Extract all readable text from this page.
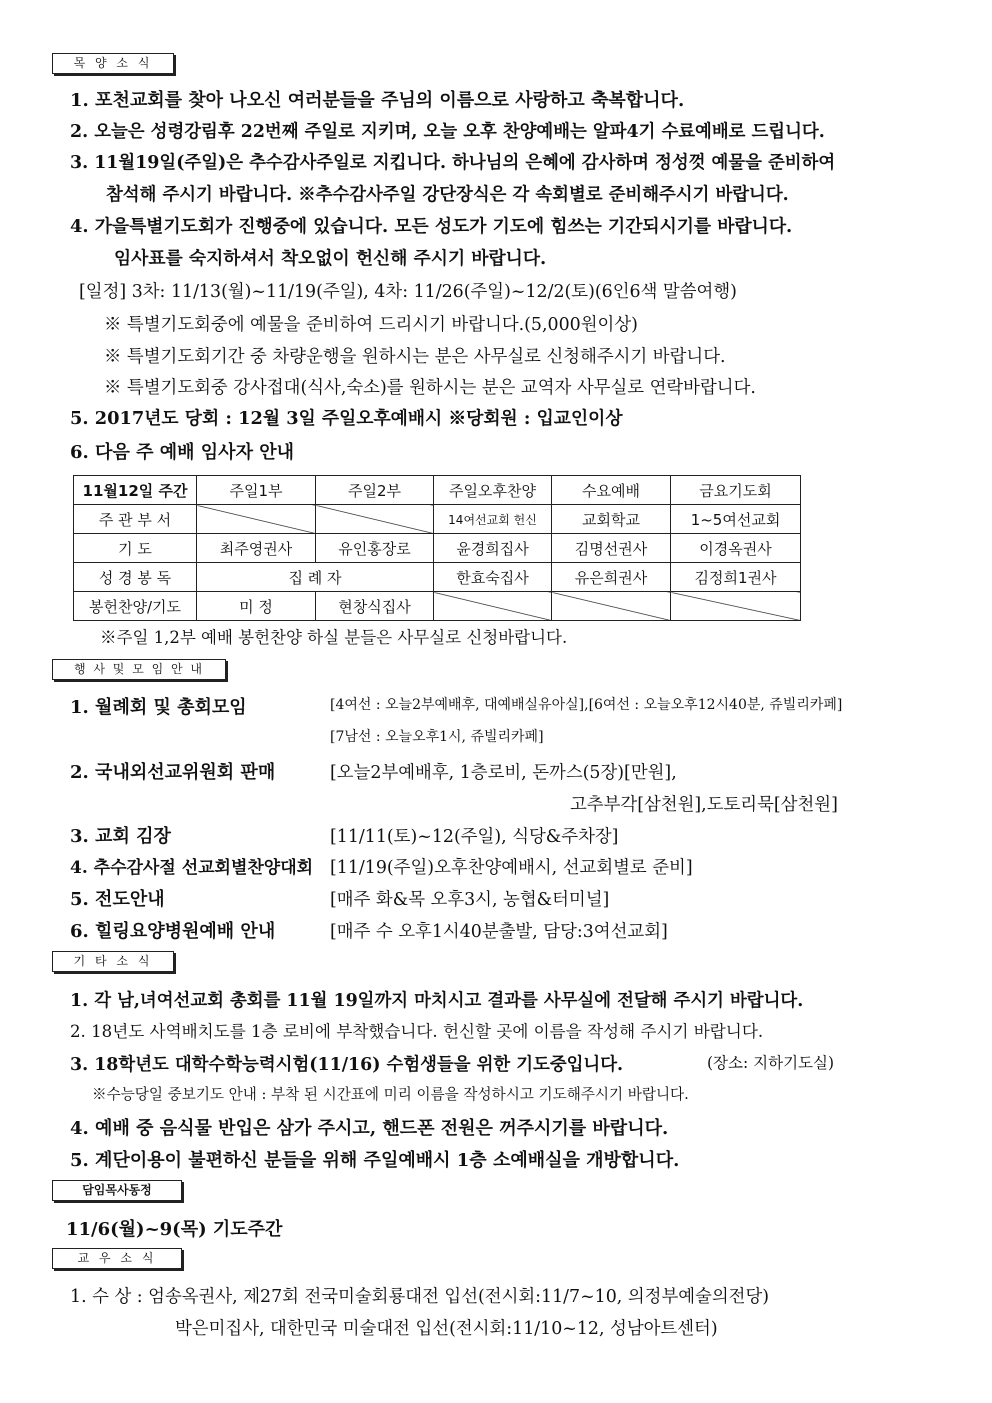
목 양 소 식
1. 포천교회를 찾아 나오신 여러분들을 주님의 이름으로 사랑하고 축복합니다.
2. 오늘은 성령강림후 22번째 주일로 지키며, 오늘 오후 찬양예배는 알파4기 수료예배로 드립니다.
3. 11월19일(주일)은 추수감사주일로 지킵니다. 하나님의 은혜에 감사하며 정성껏 예물을 준비하여
참석해 주시기 바랍니다. ※추수감사주일 강단장식은 각 속회별로 준비해주시기 바랍니다.
4. 가을특별기도회가 진행중에 있습니다. 모든 성도가 기도에 힘쓰는 기간되시기를 바랍니다.
임사표를 숙지하셔서 착오없이 헌신해 주시기 바랍니다.
[일정] 3차: 11/13(월)~11/19(주일), 4차: 11/26(주일)~12/2(토)(6인6색 말씀여행)
※ 특별기도회중에 예물을 준비하여 드리시기 바랍니다.(5,000원이상)
※ 특별기도회기간 중 차량운행을 원하시는 분은 사무실로 신청해주시기 바랍니다.
※ 특별기도회중 강사접대(식사,숙소)를 원하시는 분은 교역자 사무실로 연락바랍니다.
5. 2017년도 당회 : 12월 3일 주일오후예배시 ※당회원 : 입교인이상
6. 다음 주 예배 임사자 안내
11월12일 주간	주일1부	주일2부	주일오후찬양	수요예배	금요기도회
주 관 부 서			14여선교회 헌신	교회학교	1~5여선교회
기 도	최주영권사	유인홍장로	윤경희집사	김명선권사	이경옥권사
성 경 봉 독	집 례 자		한효숙집사	유은희권사	김정희1권사
봉헌찬양/기도	미 정	현창식집사			
※주일 1,2부 예배 봉헌찬양 하실 분들은 사무실로 신청바랍니다.
행 사 및 모 임 안 내
1. 월례회 및 총회모임	[4여선 : 오늘2부예배후, 대예배실유아실],[6여선 : 오늘오후12시40분, 쥬빌리카페]
[7남선 : 오늘오후1시, 쥬빌리카페]
2. 국내외선교위원회 판매	[오늘2부예배후, 1층로비, 돈까스(5장)[만원],
고추부각[삼천원],도토리묵[삼천원]
3. 교회 김장	[11/11(토)~12(주일), 식당&주차장]
4. 추수감사절 선교회별찬양대회 [11/19(주일)오후찬양예배시, 선교회별로 준비]
5. 전도안내	[매주 화&목 오후3시, 농협&터미널]
6. 힐링요양병원예배 안내	[매주 수 오후1시40분출발, 담당:3여선교회]
기 타 소 식
1. 각 남,녀여선교회 총회를 11월 19일까지 마치시고 결과를 사무실에 전달해 주시기 바랍니다.
2. 18년도 사역배치도를 1층 로비에 부착했습니다. 헌신할 곳에 이름을 작성해 주시기 바랍니다.
3. 18학년도 대학수학능력시험(11/16) 수험생들을 위한 기도중입니다.	(장소: 지하기도실)
※수능당일 중보기도 안내 : 부착 된 시간표에 미리 이름을 작성하시고 기도해주시기 바랍니다.
4. 예배 중 음식물 반입은 삼가 주시고, 핸드폰 전원은 꺼주시기를 바랍니다.
5. 계단이용이 불편하신 분들을 위해 주일예배시 1층 소예배실을 개방합니다.
담임목사동정
11/6(월)~9(목) 기도주간
교 우 소 식
1. 수 상 : 엄송옥권사, 제27회 전국미술회룡대전 입선(전시회:11/7~10, 의정부예술의전당)
박은미집사, 대한민국 미술대전 입선(전시회:11/10~12, 성남아트센터)
